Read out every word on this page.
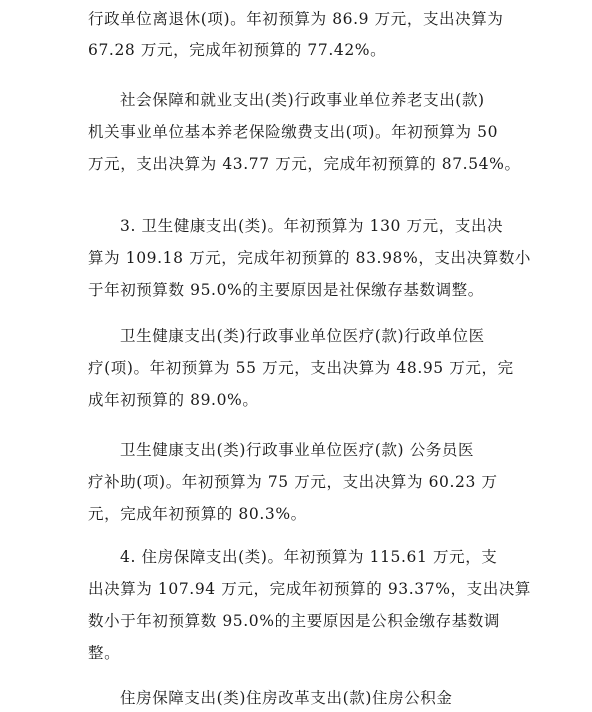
行政单位离退休(项)。年初预算为 86.9 万元，支出决算为
67.28 万元，完成年初预算的 77.42%。
社会保障和就业支出(类)行政事业单位养老支出(款)
机关事业单位基本养老保险缴费支出(项)。年初预算为 50
万元，支出决算为 43.77 万元，完成年初预算的 87.54%。
3. 卫生健康支出(类)。年初预算为 130 万元，支出决
算为 109.18 万元，完成年初预算的 83.98%，支出决算数小
于年初预算数 95.0%的主要原因是社保缴存基数调整。
卫生健康支出(类)行政事业单位医疗(款)行政单位医
疗(项)。年初预算为 55 万元，支出决算为 48.95 万元，完
成年初预算的 89.0%。
卫生健康支出(类)行政事业单位医疗(款) 公务员医
疗补助(项)。年初预算为 75 万元，支出决算为 60.23 万
元，完成年初预算的 80.3%。
4. 住房保障支出(类)。年初预算为 115.61 万元，支
出决算为 107.94 万元，完成年初预算的 93.37%，支出决算
数小于年初预算数 95.0%的主要原因是公积金缴存基数调
整。
住房保障支出(类)住房改革支出(款)住房公积金
